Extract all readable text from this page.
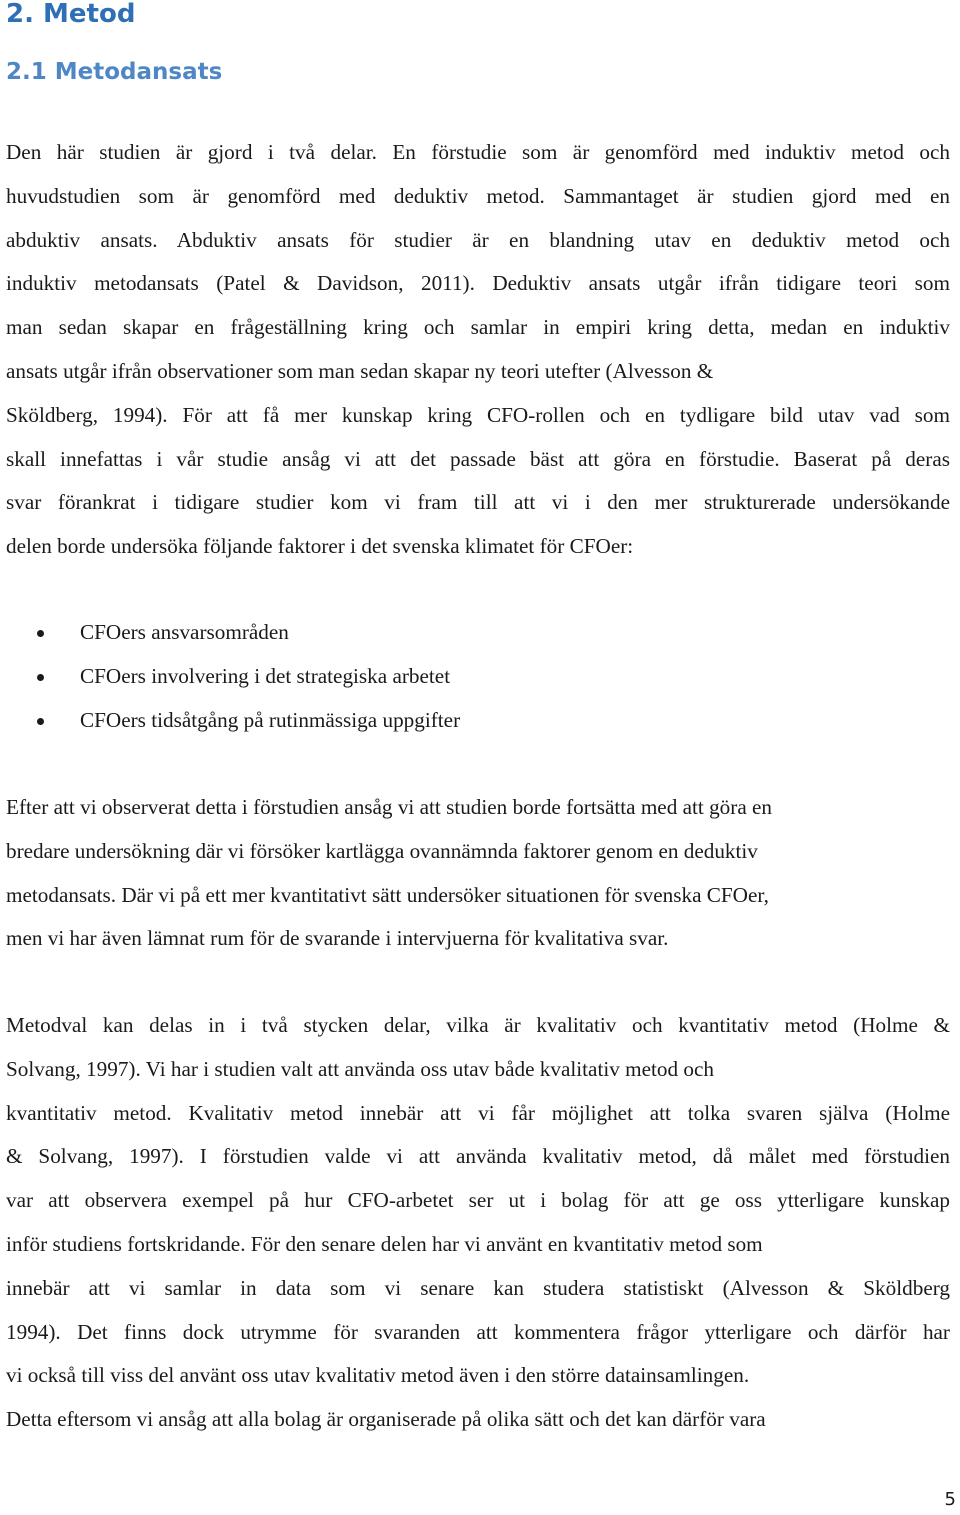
2. Metod
2.1 Metodansats
Den här studien är gjord i två delar. En förstudie som är genomförd med induktiv metod och
huvudstudien som är genomförd med deduktiv metod. Sammantaget är studien gjord med en
abduktiv ansats. Abduktiv ansats för studier är en blandning utav en deduktiv metod och
induktiv metodansats (Patel & Davidson, 2011). Deduktiv ansats utgår ifrån tidigare teori som
man sedan skapar en frågeställning kring och samlar in empiri kring detta, medan en induktiv
ansats utgår ifrån observationer som man sedan skapar ny teori utefter (Alvesson &
Sköldberg, 1994). För att få mer kunskap kring CFO-rollen och en tydligare bild utav vad som
skall innefattas i vår studie ansåg vi att det passade bäst att göra en förstudie. Baserat på deras
svar förankrat i tidigare studier kom vi fram till att vi i den mer strukturerade undersökande
delen borde undersöka följande faktorer i det svenska klimatet för CFOer:
CFOers ansvarsområden
CFOers involvering i det strategiska arbetet
CFOers tidsåtgång på rutinmässiga uppgifter
Efter att vi observerat detta i förstudien ansåg vi att studien borde fortsätta med att göra en
bredare undersökning där vi försöker kartlägga ovannämnda faktorer genom en deduktiv
metodansats. Där vi på ett mer kvantitativt sätt undersöker situationen för svenska CFOer,
men vi har även lämnat rum för de svarande i intervjuerna för kvalitativa svar.
Metodval kan delas in i två stycken delar, vilka är kvalitativ och kvantitativ metod (Holme &
Solvang, 1997). Vi har i studien valt att använda oss utav både kvalitativ metod och
kvantitativ metod. Kvalitativ metod innebär att vi får möjlighet att tolka svaren själva (Holme
& Solvang, 1997). I förstudien valde vi att använda kvalitativ metod, då målet med förstudien
var att observera exempel på hur CFO-arbetet ser ut i bolag för att ge oss ytterligare kunskap
inför studiens fortskridande. För den senare delen har vi använt en kvantitativ metod som
innebär att vi samlar in data som vi senare kan studera statistiskt (Alvesson & Sköldberg
1994). Det finns dock utrymme för svaranden att kommentera frågor ytterligare och därför har
vi också till viss del använt oss utav kvalitativ metod även i den större datainsamlingen.
Detta eftersom vi ansåg att alla bolag är organiserade på olika sätt och det kan därför vara
5
